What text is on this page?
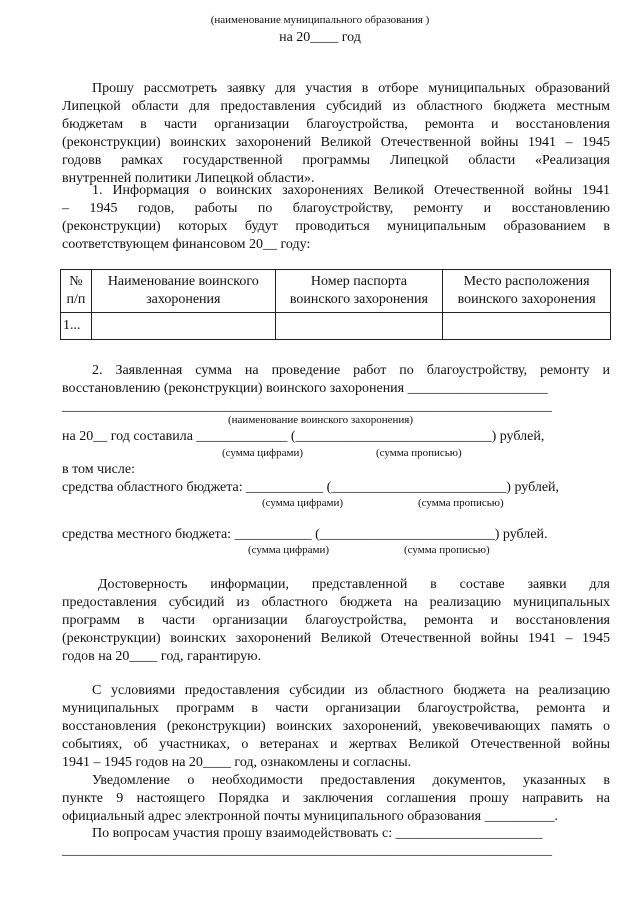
(наименование муниципального образования )
на 20____ год
Прошу рассмотреть заявку для участия в отборе муниципальных образований
Липецкой области для предоставления субсидий из областного бюджета местным
бюджетам в части организации благоустройства, ремонта и восстановления
(реконструкции) воинских захоронений Великой Отечественной войны 1941 – 1945
годовв рамках государственной программы Липецкой области «Реализация
внутренней политики Липецкой области».
1. Информация о воинских захоронениях Великой Отечественной войны 1941
– 1945 годов, работы по благоустройству, ремонту и восстановлению
(реконструкции) которых будут проводиться муниципальным образованием в
соответствующем финансовом 20__ году:
№
п/п	Наименование воинского
захоронения	Номер паспорта
воинского захоронения	Место расположения
воинского захоронения
1...			
2. Заявленная сумма на проведение работ по благоустройству, ремонту и
восстановлению (реконструкции) воинского захоронения ____________________
______________________________________________________________________
(наименование воинского захоронения)
на 20__ год составила _____________ (____________________________) рублей,
(сумма цифрами)	(сумма прописью)
в том числе:
средства областного бюджета: ___________ (_________________________) рублей,
(сумма цифрами)	(сумма прописью)
средства местного бюджета: ___________ (_________________________) рублей.
(сумма цифрами)	(сумма прописью)
Достоверность информации, представленной в составе заявки для
предоставления субсидий из областного бюджета на реализацию муниципальных
программ в части организации благоустройства, ремонта и восстановления
(реконструкции) воинских захоронений Великой Отечественной войны 1941 – 1945
годов на 20____ год, гарантирую.
С условиями предоставления субсидии из областного бюджета на реализацию
муниципальных программ в части организации благоустройства, ремонта и
восстановления (реконструкции) воинских захоронений, увековечивающих память о
событиях, об участниках, о ветеранах и жертвах Великой Отечественной войны
1941 – 1945 годов на 20____ год, ознакомлены и согласны.
Уведомление о необходимости предоставления документов, указанных в
пункте 9 настоящего Порядка и заключения соглашения прошу направить на
официальный адрес электронной почты муниципального образования __________.
По вопросам участия прошу взаимодействовать с: _____________________
______________________________________________________________________
